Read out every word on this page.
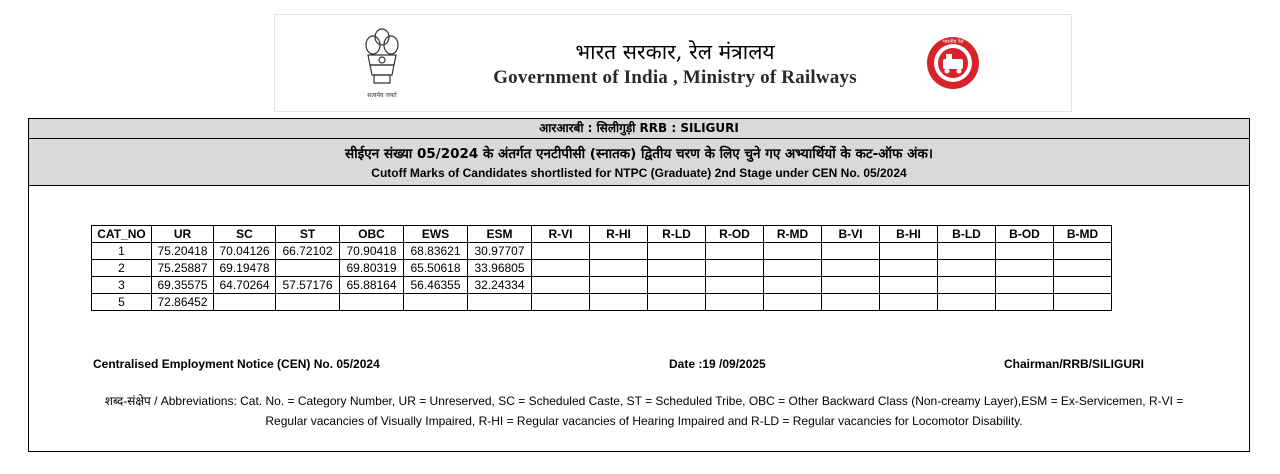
सत्यमेव जयते
भारत सरकार, रेल मंत्रालय
Government of India , Ministry of Railways
भारतीय रेल
आरआरबी : सिलीगुड़ी RRB : SILIGURI
सीईएन संख्या 05/2024 के अंतर्गत एनटीपीसी (स्नातक) द्वितीय चरण के लिए चुने गए अभ्यार्थियों के कट-ऑफ अंक।
Cutoff Marks of Candidates shortlisted for NTPC (Graduate) 2nd Stage under CEN No. 05/2024
CAT_NO	UR	SC	ST	OBC	EWS	ESM	R-VI	R-HI	R-LD	R-OD	R-MD	B-VI	B-HI	B-LD	B-OD	B-MD
1	75.20418	70.04126	66.72102	70.90418	68.83621	30.97707										
2	75.25887	69.19478		69.80319	65.50618	33.96805										
3	69.35575	64.70264	57.57176	65.88164	56.46355	32.24334										
5	72.86452															
Centralised Employment Notice (CEN) No. 05/2024	Date :19 /09/2025	Chairman/RRB/SILIGURI
शब्द-संक्षेप / Abbreviations: Cat. No. = Category Number, UR = Unreserved, SC = Scheduled Caste, ST = Scheduled Tribe, OBC = Other Backward Class (Non-creamy Layer),ESM = Ex-Servicemen, R-VI = Regular vacancies of Visually Impaired, R-HI = Regular vacancies of Hearing Impaired and R-LD = Regular vacancies for Locomotor Disability.
